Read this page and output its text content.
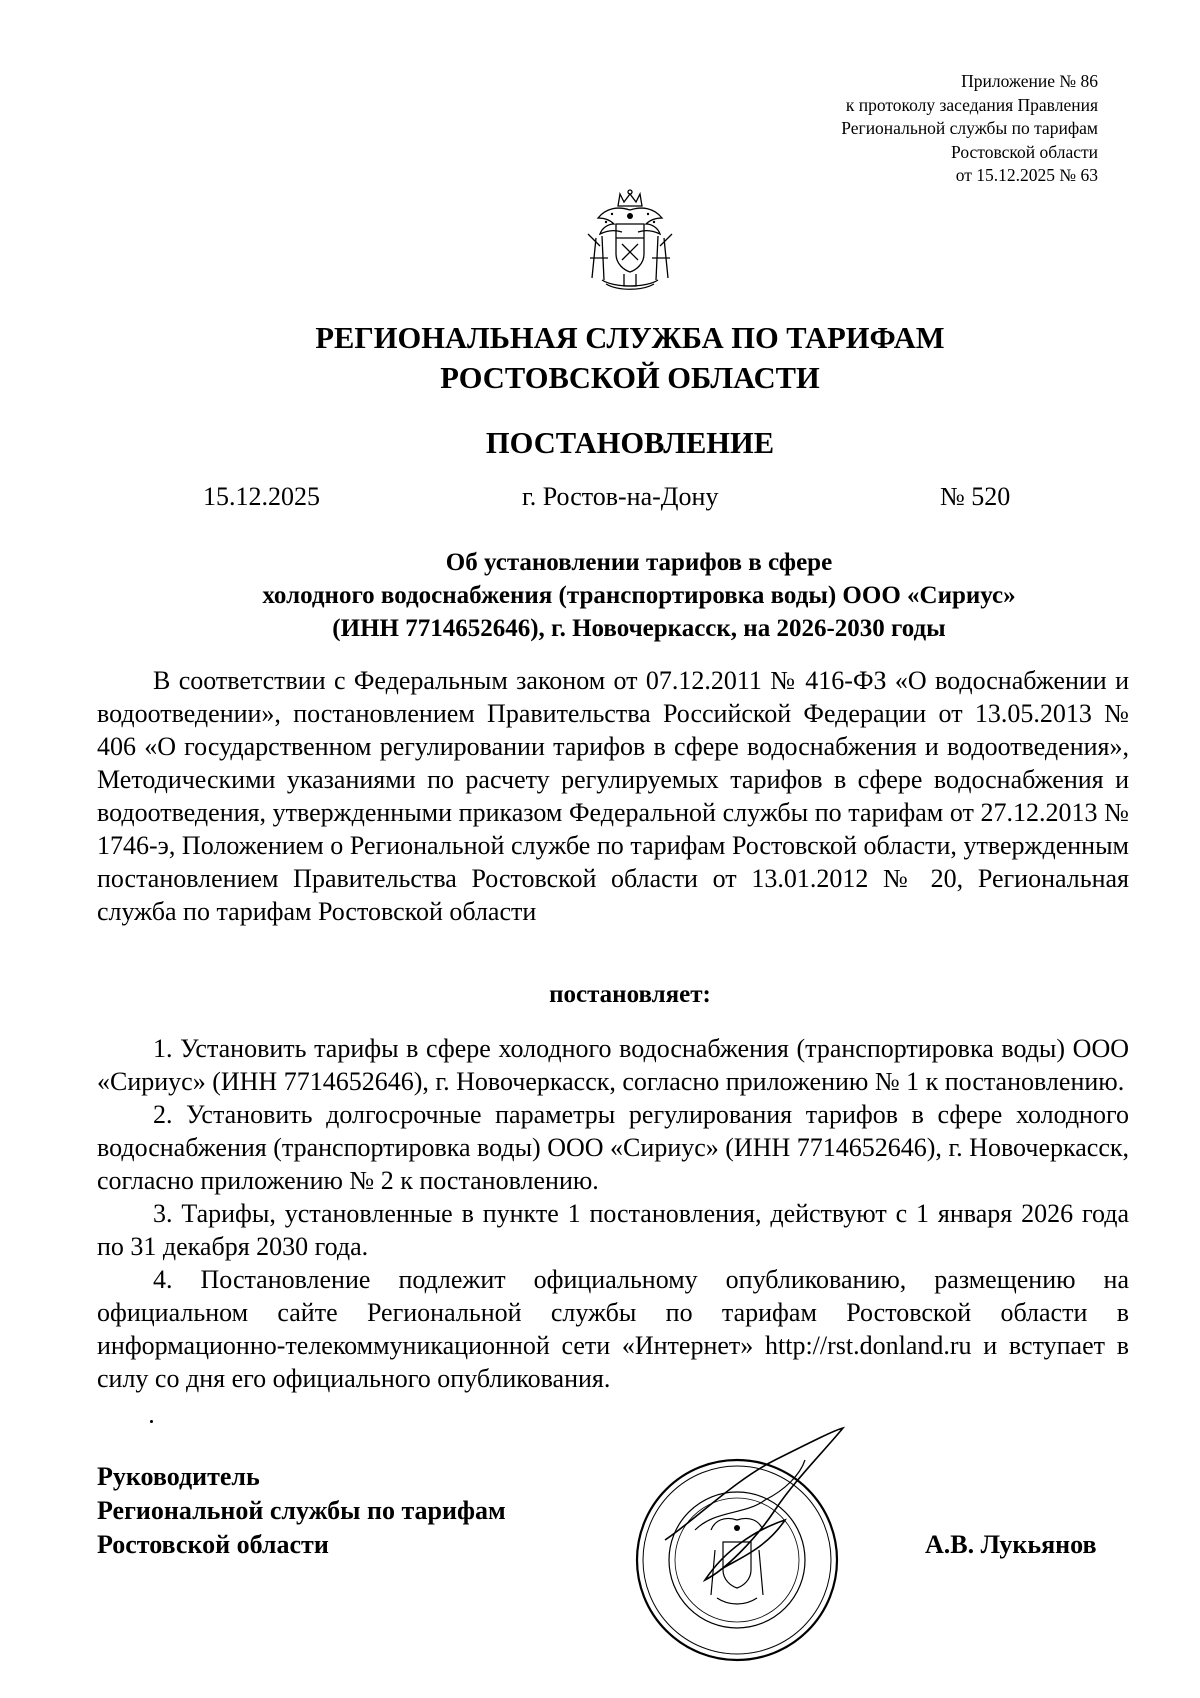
Приложение № 86
к протоколу заседания Правления
Региональной службы по тарифам
Ростовской области
от 15.12.2025 № 63
РЕГИОНАЛЬНАЯ СЛУЖБА ПО ТАРИФАМ
РОСТОВСКОЙ ОБЛАСТИ
ПОСТАНОВЛЕНИЕ
15.12.2025	г. Ростов-на-Дону	№ 520
Об установлении тарифов в сфере
холодного водоснабжения (транспортировка воды) ООО «Сириус»
(ИНН 7714652646), г. Новочеркасск, на 2026-2030 годы

В соответствии с Федеральным законом от 07.12.2011 № 416-ФЗ «О водоснабжении и водоотведении», постановлением Правительства Российской Федерации от 13.05.2013 № 406 «О государственном регулировании тарифов в сфере водоснабжения и водоотведения», Методическими указаниями по расчету регулируемых тарифов в сфере водоснабжения и водоотведения, утвержденными приказом Федеральной службы по тарифам от 27.12.2013 № 1746-э, Положением о Региональной службе по тарифам Ростовской области, утвержденным постановлением Правительства Ростовской области от 13.01.2012 № 20, Региональная служба по тарифам Ростовской области

постановляет:

1. Установить тарифы в сфере холодного водоснабжения (транспортировка воды) ООО «Сириус» (ИНН 7714652646), г. Новочеркасск, согласно приложению № 1 к постановлению.

2. Установить долгосрочные параметры регулирования тарифов в сфере холодного водоснабжения (транспортировка воды) ООО «Сириус» (ИНН 7714652646), г. Новочеркасск, согласно приложению № 2 к постановлению.

3. Тарифы, установленные в пункте 1 постановления, действуют с 1 января 2026 года по 31 декабря 2030 года.

4. Постановление подлежит официальному опубликованию, размещению на официальном сайте Региональной службы по тарифам Ростовской области в информационно-телекоммуникационной сети «Интернет» http://rst.donland.ru и вступает в силу со дня его официального опубликования.

Руководитель
Региональной службы по тарифам
Ростовской области	А.В. Лукьянов
